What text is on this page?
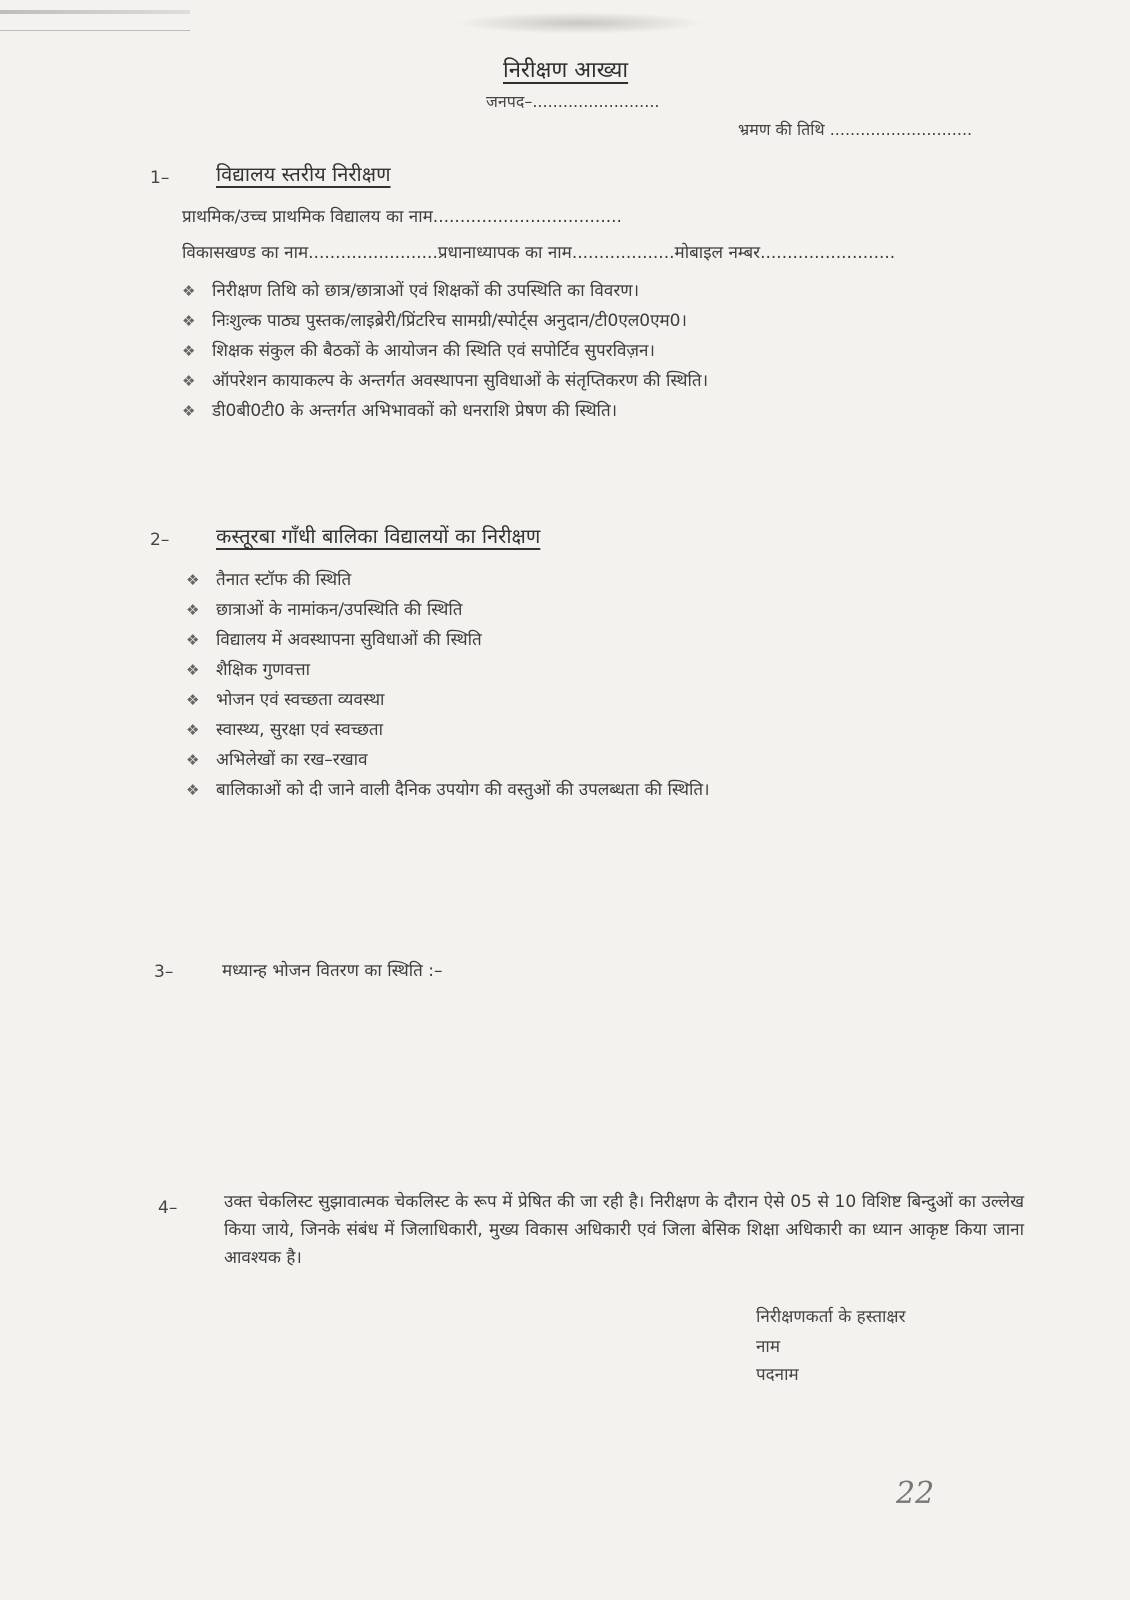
निरीक्षण आख्या
जनपद–.........................
भ्रमण की तिथि ............................
1– विद्यालय स्तरीय निरीक्षण
प्राथमिक/उच्च प्राथमिक विद्यालय का नाम...................................
विकासखण्ड का नाम........................प्रधानाध्यापक का नाम...................मोबाइल नम्बर.........................
❖ निरीक्षण तिथि को छात्र/छात्राओं एवं शिक्षकों की उपस्थिति का विवरण।
❖ निःशुल्क पाठ्य पुस्तक/लाइब्रेरी/प्रिंटरिच सामग्री/स्पोर्ट्स अनुदान/टी0एल0एम0।
❖ शिक्षक संकुल की बैठकों के आयोजन की स्थिति एवं सपोर्टिव सुपरविज़न।
❖ ऑपरेशन कायाकल्प के अन्तर्गत अवस्थापना सुविधाओं के संतृप्तिकरण की स्थिति।
❖ डी0बी0टी0 के अन्तर्गत अभिभावकों को धनराशि प्रेषण की स्थिति।
2– कस्तूरबा गाँधी बालिका विद्यालयों का निरीक्षण
❖ तैनात स्टॉफ की स्थिति
❖ छात्राओं के नामांकन/उपस्थिति की स्थिति
❖ विद्यालय में अवस्थापना सुविधाओं की स्थिति
❖ शैक्षिक गुणवत्ता
❖ भोजन एवं स्वच्छता व्यवस्था
❖ स्वास्थ्य, सुरक्षा एवं स्वच्छता
❖ अभिलेखों का रख–रखाव
❖ बालिकाओं को दी जाने वाली दैनिक उपयोग की वस्तुओं की उपलब्धता की स्थिति।
3–	मध्यान्ह भोजन वितरण का स्थिति :–
4–	उक्त चेकलिस्ट सुझावात्मक चेकलिस्ट के रूप में प्रेषित की जा रही है। निरीक्षण के दौरान ऐसे 05 से 10 विशिष्ट बिन्दुओं का उल्लेख किया जाये, जिनके संबंध में जिलाधिकारी, मुख्य विकास अधिकारी एवं जिला बेसिक शिक्षा अधिकारी का ध्यान आकृष्ट किया जाना आवश्यक है।
निरीक्षणकर्ता के हस्ताक्षर
नाम
पदनाम
22
